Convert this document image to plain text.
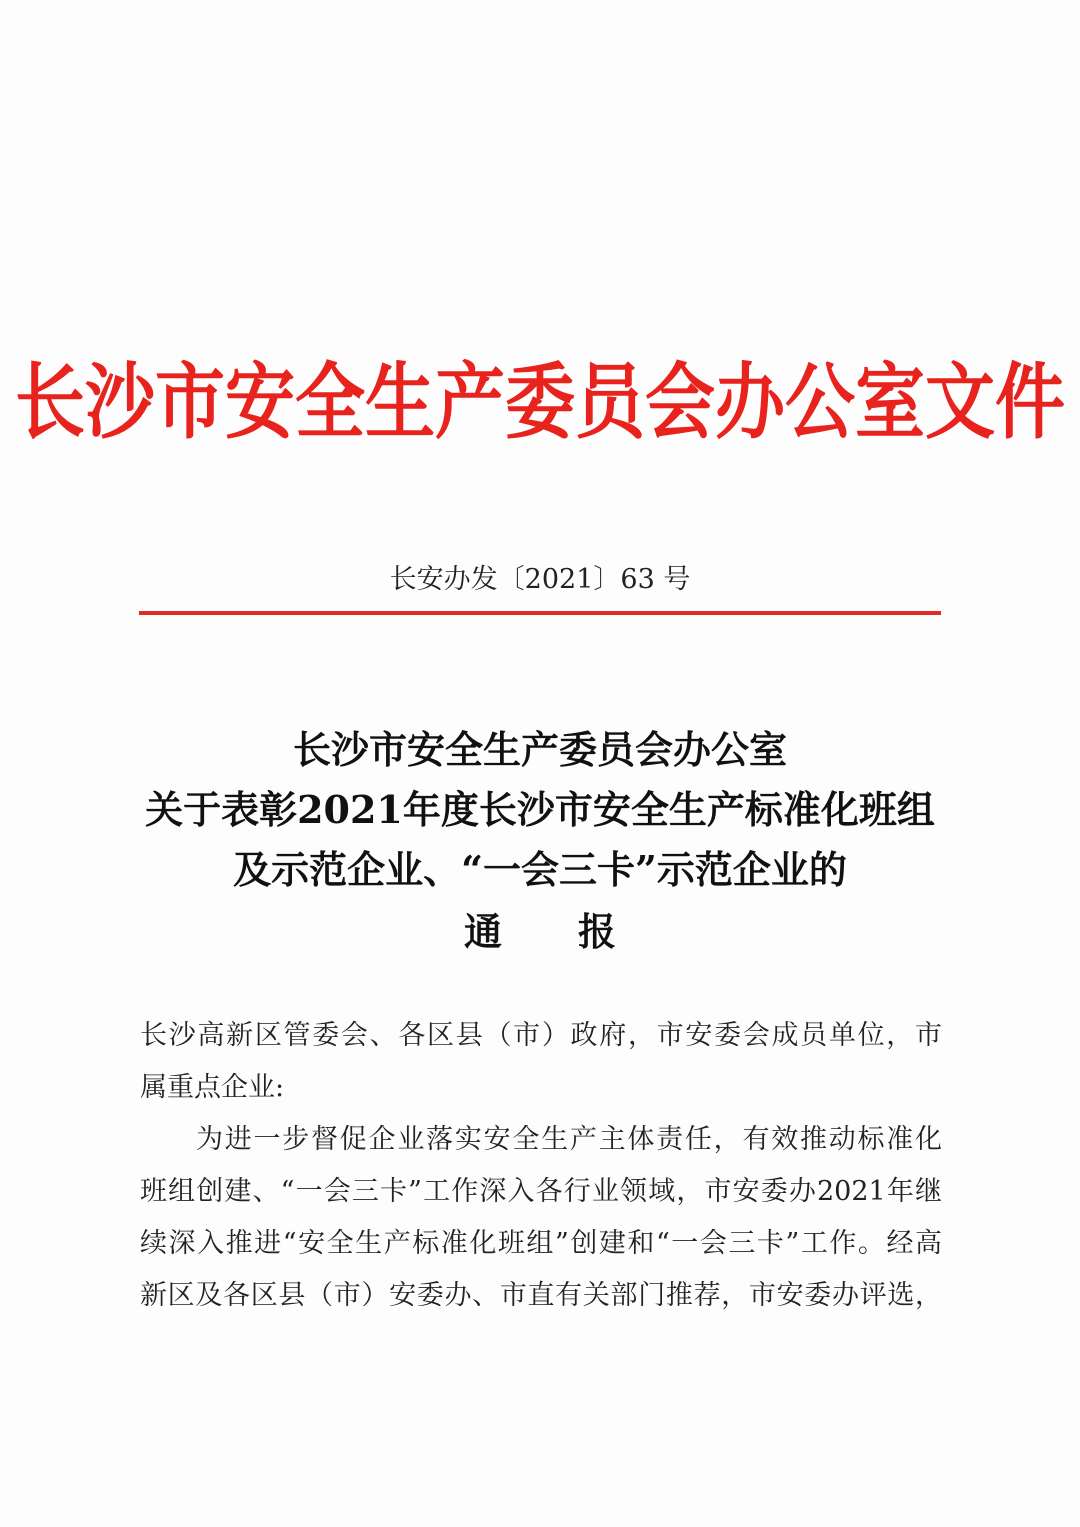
长沙市安全生产委员会办公室文件
长安办发〔2021〕63 号
长沙市安全生产委员会办公室
关于表彰2021年度长沙市安全生产标准化班组
及示范企业、“一会三卡”示范企业的
通　　报
长沙高新区管委会、各区县（市）政府，市安委会成员单位，市
属重点企业:
为进一步督促企业落实安全生产主体责任，有效推动标准化
班组创建、“一会三卡”工作深入各行业领域，市安委办2021年继
续深入推进“安全生产标准化班组”创建和“一会三卡”工作。经高
新区及各区县（市）安委办、市直有关部门推荐，市安委办评选，
